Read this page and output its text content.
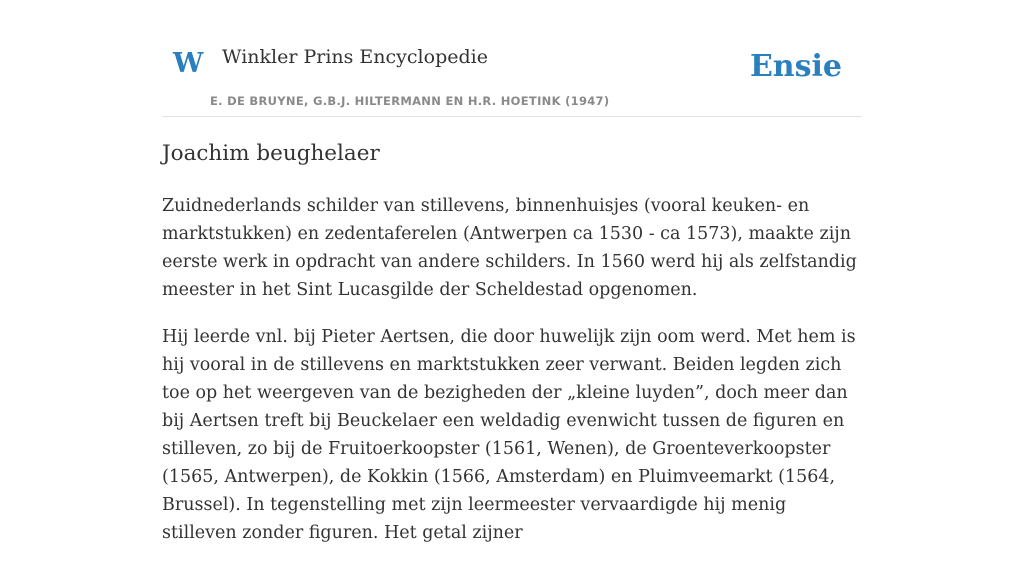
W Winkler Prins Encyclopedie
E. DE BRUYNE, G.B.J. HILTERMANN EN H.R. HOETINK (1947)
Ensie
Joachim beughelaer

Zuidnederlands schilder van stillevens, binnenhuisjes (vooral keuken- en marktstukken) en zedentaferelen (Antwerpen ca 1530 - ca 1573), maakte zijn eerste werk in opdracht van andere schilders. In 1560 werd hij als zelfstandig meester in het Sint Lucasgilde der Scheldestad opgenomen.

Hij leerde vnl. bij Pieter Aertsen, die door huwelijk zijn oom werd. Met hem is hij vooral in de stillevens en marktstukken zeer verwant. Beiden legden zich toe op het weergeven van de bezigheden der „kleine luyden”, doch meer dan bij Aertsen treft bij Beuckelaer een weldadig evenwicht tussen de figuren en stilleven, zo bij de Fruitoerkoopster (1561, Wenen), de Groenteverkoopster (1565, Antwerpen), de Kokkin (1566, Amsterdam) en Pluimveemarkt (1564, Brussel). In tegenstelling met zijn leermeester vervaardigde hij menig stilleven zonder figuren. Het getal zijner
